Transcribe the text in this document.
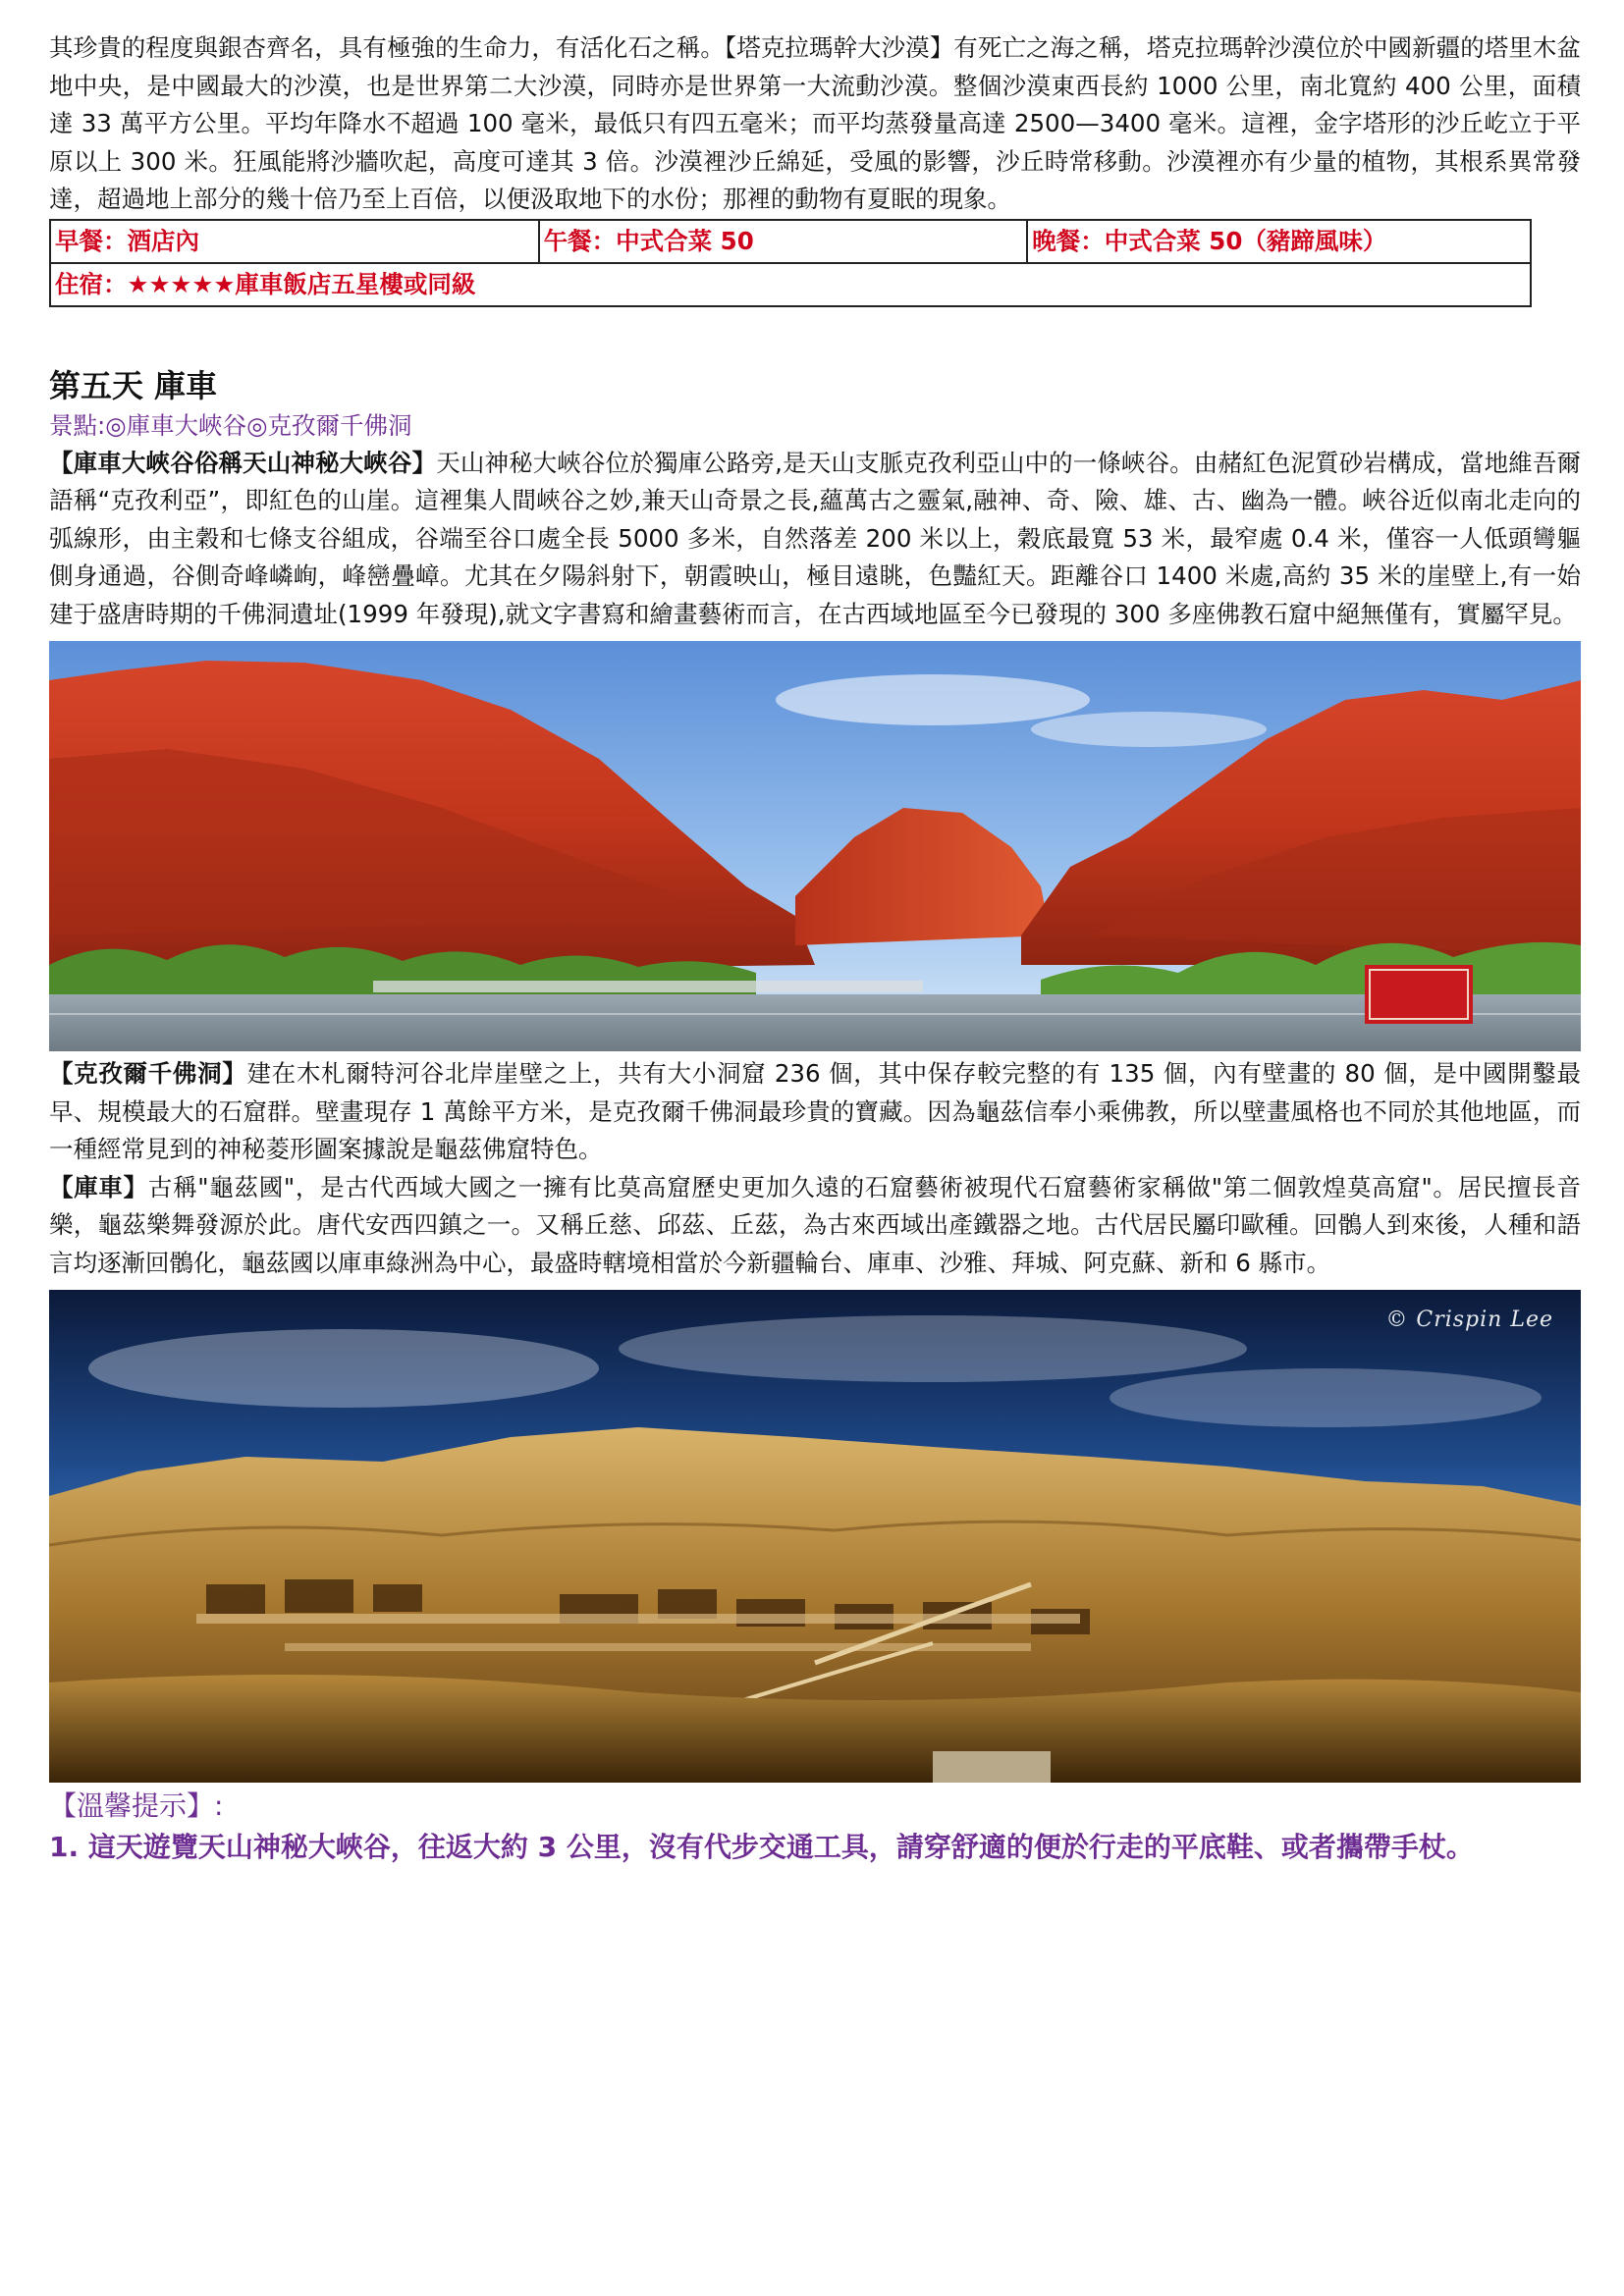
其珍貴的程度與銀杏齊名，具有極強的生命力，有活化石之稱。【塔克拉瑪幹大沙漠】有死亡之海之稱，塔克拉瑪幹沙漠位於中國新疆的塔里木盆地中央，是中國最大的沙漠，也是世界第二大沙漠，同時亦是世界第一大流動沙漠。整個沙漠東西長約 1000 公里，南北寬約 400 公里，面積達 33 萬平方公里。平均年降水不超過 100 毫米，最低只有四五毫米；而平均蒸發量高達 2500—3400 毫米。這裡，金字塔形的沙丘屹立于平原以上 300 米。狂風能將沙牆吹起，高度可達其 3 倍。沙漠裡沙丘綿延，受風的影響，沙丘時常移動。沙漠裡亦有少量的植物，其根系異常發達，超過地上部分的幾十倍乃至上百倍，以便汲取地下的水份；那裡的動物有夏眠的現象。

早餐：酒店內	午餐：中式合菜 50	晚餐：中式合菜 50（豬蹄風味）
住宿：★★★★★庫車飯店五星樓或同級
第五天 庫車

景點:◎庫車大峽谷◎克孜爾千佛洞

【庫車大峽谷俗稱天山神秘大峽谷】天山神秘大峽谷位於獨庫公路旁,是天山支脈克孜利亞山中的一條峽谷。由赭紅色泥質砂岩構成，當地維吾爾語稱“克孜利亞”，即紅色的山崖。這裡集人間峽谷之妙,兼天山奇景之長,蘊萬古之靈氣,融神、奇、險、雄、古、幽為一體。峽谷近似南北走向的弧線形，由主穀和七條支谷組成，谷端至谷口處全長 5000 多米，自然落差 200 米以上，穀底最寬 53 米，最窄處 0.4 米，僅容一人低頭彎軀側身通過，谷側奇峰嶙峋，峰巒疊嶂。尤其在夕陽斜射下，朝霞映山，極目遠眺，色豔紅天。距離谷口 1400 米處,高約 35 米的崖壁上,有一始建于盛唐時期的千佛洞遺址(1999 年發現),就文字書寫和繪畫藝術而言，在古西域地區至今已發現的 300 多座佛教石窟中絕無僅有，實屬罕見。

【克孜爾千佛洞】建在木札爾特河谷北岸崖壁之上，共有大小洞窟 236 個，其中保存較完整的有 135 個，內有壁畫的 80 個，是中國開鑿最早、規模最大的石窟群。壁畫現存 1 萬餘平方米，是克孜爾千佛洞最珍貴的寶藏。因為龜茲信奉小乘佛教，所以壁畫風格也不同於其他地區，而一種經常見到的神秘菱形圖案據說是龜茲佛窟特色。

【庫車】古稱"龜茲國"，是古代西域大國之一擁有比莫高窟歷史更加久遠的石窟藝術被現代石窟藝術家稱做"第二個敦煌莫高窟"。居民擅長音樂，龜茲樂舞發源於此。唐代安西四鎮之一。又稱丘慈、邱茲、丘茲，為古來西域出產鐵器之地。古代居民屬印歐種。回鶻人到來後，人種和語言均逐漸回鶻化，龜茲國以庫車綠洲為中心，最盛時轄境相當於今新疆輪台、庫車、沙雅、拜城、阿克蘇、新和 6 縣市。

© Crispin Lee
【溫馨提示】:

1. 這天遊覽天山神秘大峽谷，往返大約 3 公里，沒有代步交通工具，請穿舒適的便於行走的平底鞋、或者攜帶手杖。
